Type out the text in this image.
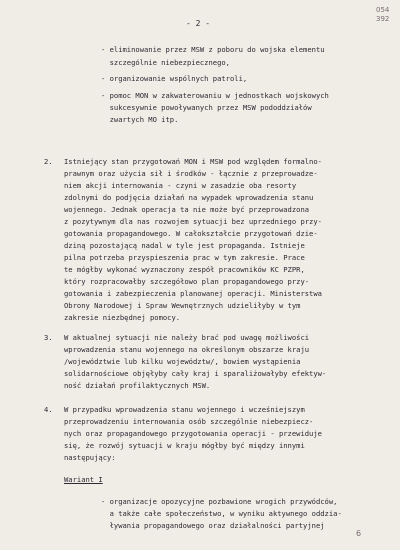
- 2 -
054
392
- eliminowanie przez MSW z poboru do wojska elementu
szczególnie niebezpiecznego,
- organizowanie wspólnych patroli,
- pomoc MON w zakwaterowaniu w jednostkach wojskowych
sukcesywnie powoływanych przez MSW pododdziałów
zwartych MO itp.
2. Istniejący stan przygotowań MON i MSW pod względem formalno-
prawnym oraz użycia sił i środków - łącznie z przeprowadze-
niem akcji internowania - czyni w zasadzie oba resorty
zdolnymi do podjęcia działań na wypadek wprowadzenia stanu
wojennego. Jednak operacja ta nie może być przeprowadzona
z pozytywnym dla nas rozwojem sytuacji bez uprzedniego przy-
gotowania propagandowego. W całokształcie przygotowań dzie-
dziną pozostającą nadal w tyle jest propaganda. Istnieje
pilna potrzeba przyspieszenia prac w tym zakresie. Prace
te mógłby wykonać wyznaczony zespół pracowników KC PZPR,
który rozpracowałby szczegółowo plan propagandowego przy-
gotowania i zabezpieczenia planowanej operacji. Ministerstwa
Obrony Narodowej i Spraw Wewnętrznych udzieliłyby w tym
zakresie niezbędnej pomocy.
3. W aktualnej sytuacji nie należy brać pod uwagę możliwości
wprowadzenia stanu wojennego na określonym obszarze kraju
/województwie lub kilku województw/, bowiem wystąpienia
solidarnościowe objęłyby cały kraj i sparaliżowałyby efektyw-
ność działań profilaktycznych MSW.
4. W przypadku wprowadzenia stanu wojennego i wcześniejszym
przeprowadzeniu internowania osób szczególnie niebezpiecz-
nych oraz propagandowego przygotowania operacji - przewiduje
się, że rozwój sytuacji w kraju mógłby być między innymi
następujący:
Wariant I
- organizacje opozycyjne pozbawione wrogich przywódców,
a także całe społeczeństwo, w wyniku aktywnego oddzia-
ływania propagandowego oraz działalności partyjnej
6
